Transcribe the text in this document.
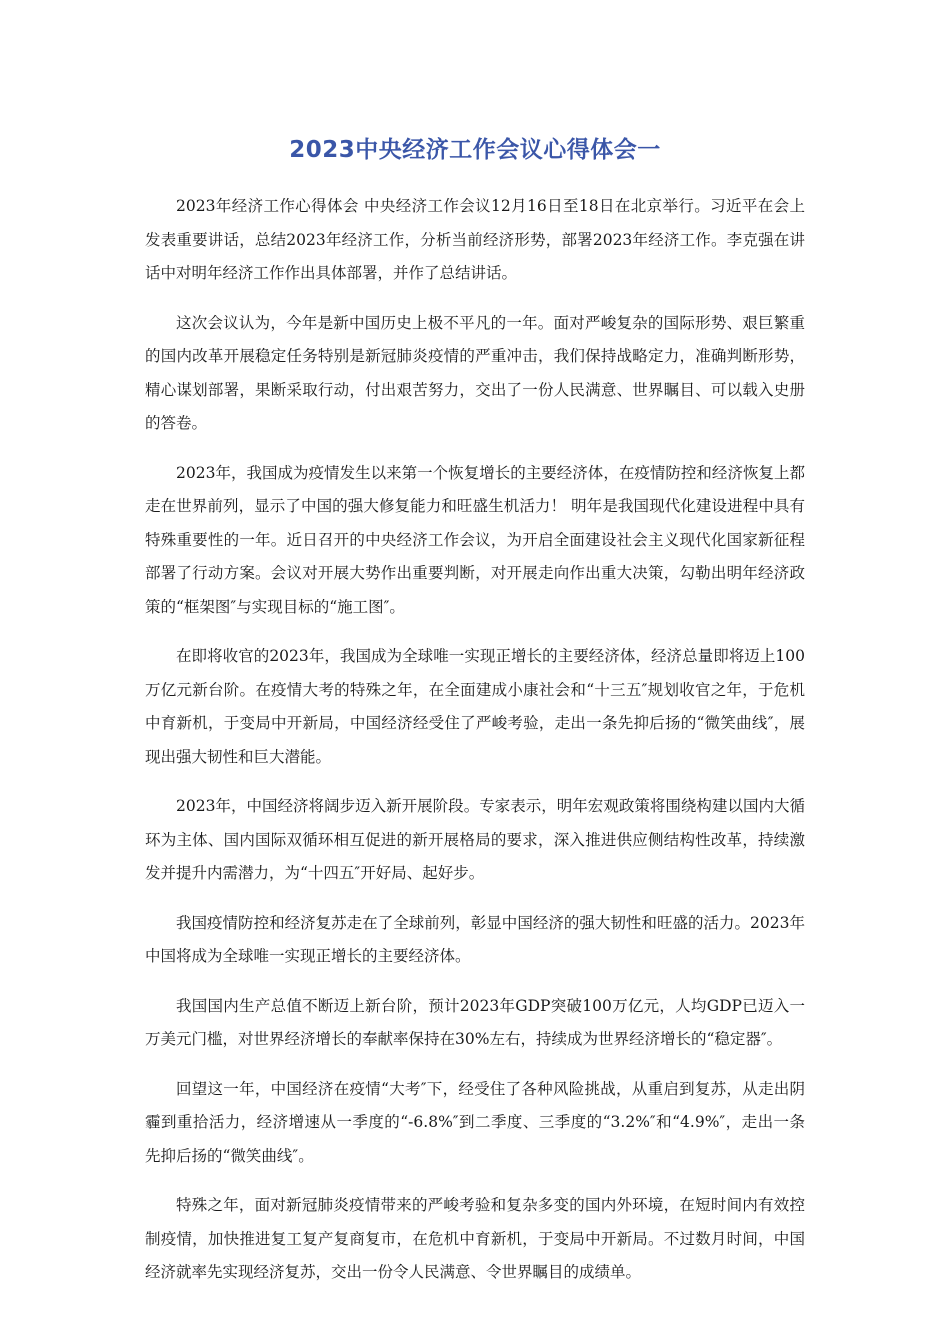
2023中央经济工作会议心得体会一

2023年经济工作心得体会 中央经济工作会议12月16日至18日在北京举行。习近平在会上发表重要讲话，总结2023年经济工作，分析当前经济形势，部署2023年经济工作。李克强在讲话中对明年经济工作作出具体部署，并作了总结讲话。

这次会议认为，今年是新中国历史上极不平凡的一年。面对严峻复杂的国际形势、艰巨繁重的国内改革开展稳定任务特别是新冠肺炎疫情的严重冲击，我们保持战略定力，准确判断形势，精心谋划部署，果断采取行动，付出艰苦努力，交出了一份人民满意、世界瞩目、可以载入史册的答卷。

2023年，我国成为疫情发生以来第一个恢复增长的主要经济体，在疫情防控和经济恢复上都走在世界前列，显示了中国的强大修复能力和旺盛生机活力！ 明年是我国现代化建设进程中具有特殊重要性的一年。近日召开的中央经济工作会议，为开启全面建设社会主义现代化国家新征程部署了行动方案。会议对开展大势作出重要判断，对开展走向作出重大决策，勾勒出明年经济政策的“框架图″与实现目标的“施工图″。

在即将收官的2023年，我国成为全球唯一实现正增长的主要经济体，经济总量即将迈上100万亿元新台阶。在疫情大考的特殊之年，在全面建成小康社会和“十三五″规划收官之年，于危机中育新机，于变局中开新局，中国经济经受住了严峻考验，走出一条先抑后扬的“微笑曲线″，展现出强大韧性和巨大潜能。

2023年，中国经济将阔步迈入新开展阶段。专家表示，明年宏观政策将围绕构建以国内大循环为主体、国内国际双循环相互促进的新开展格局的要求，深入推进供应侧结构性改革，持续激发并提升内需潜力，为“十四五″开好局、起好步。

我国疫情防控和经济复苏走在了全球前列，彰显中国经济的强大韧性和旺盛的活力。2023年中国将成为全球唯一实现正增长的主要经济体。

我国国内生产总值不断迈上新台阶，预计2023年GDP突破100万亿元，人均GDP已迈入一万美元门槛，对世界经济增长的奉献率保持在30%左右，持续成为世界经济增长的“稳定器″。

回望这一年，中国经济在疫情“大考″下，经受住了各种风险挑战，从重启到复苏，从走出阴霾到重拾活力，经济增速从一季度的“-6.8%″到二季度、三季度的“3.2%″和“4.9%″，走出一条先抑后扬的“微笑曲线″。

特殊之年，面对新冠肺炎疫情带来的严峻考验和复杂多变的国内外环境，在短时间内有效控制疫情，加快推进复工复产复商复市，在危机中育新机，于变局中开新局。不过数月时间，中国经济就率先实现经济复苏，交出一份令人民满意、令世界瞩目的成绩单。
